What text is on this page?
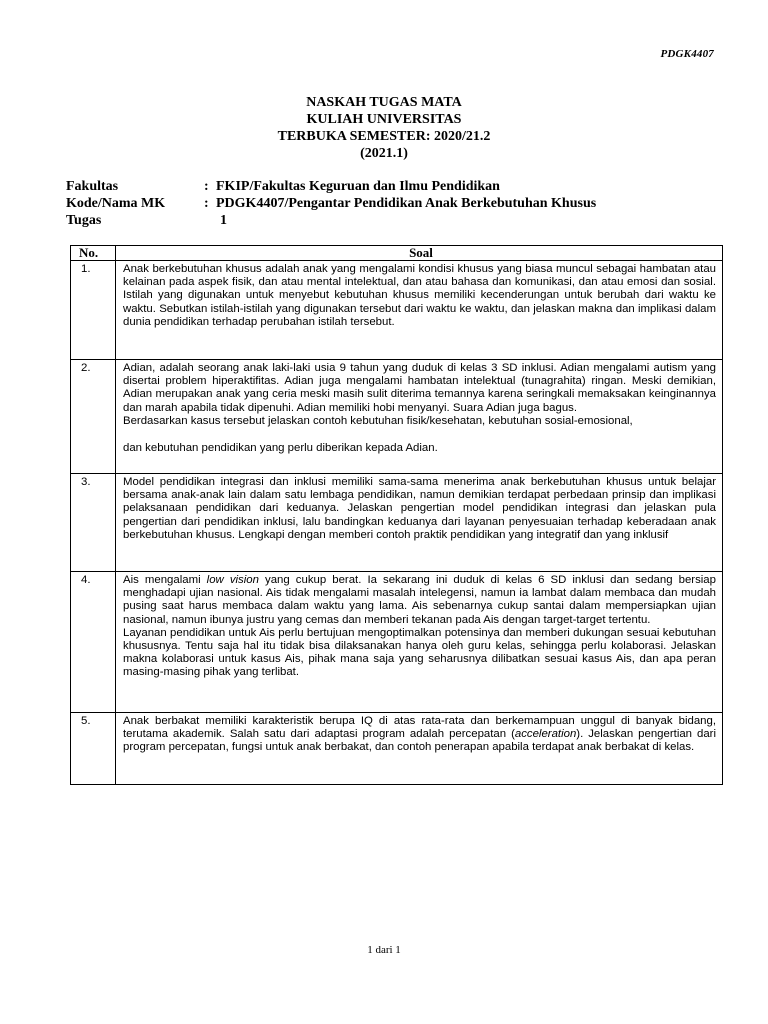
PDGK4407
NASKAH TUGAS MATA
KULIAH UNIVERSITAS
TERBUKA SEMESTER: 2020/21.2
(2021.1)
Fakultas	: FKIP/Fakultas Keguruan dan Ilmu Pendidikan
Kode/Nama MK	: PDGK4407/Pengantar Pendidikan Anak Berkebutuhan Khusus
Tugas	1
No.	Soal
1.	Anak berkebutuhan khusus adalah anak yang mengalami kondisi khusus yang biasa muncul sebagai hambatan atau kelainan pada aspek fisik, dan atau mental intelektual, dan atau bahasa dan komunikasi, dan atau emosi dan sosial. Istilah yang digunakan untuk menyebut kebutuhan khusus memiliki kecenderungan untuk berubah dari waktu ke waktu. Sebutkan istilah-istilah yang digunakan tersebut dari waktu ke waktu, dan jelaskan makna dan implikasi dalam dunia pendidikan terhadap perubahan istilah tersebut.

2.	Adian, adalah seorang anak laki-laki usia 9 tahun yang duduk di kelas 3 SD inklusi. Adian mengalami autism yang disertai problem hiperaktifitas. Adian juga mengalami hambatan intelektual (tunagrahita) ringan. Meski demikian, Adian merupakan anak yang ceria meski masih sulit diterima temannya karena seringkali memaksakan keinginannya dan marah apabila tidak dipenuhi. Adian memiliki hobi menyanyi. Suara Adian juga bagus.

Berdasarkan kasus tersebut jelaskan contoh kebutuhan fisik/kesehatan, kebutuhan sosial-emosional,

dan kebutuhan pendidikan yang perlu diberikan kepada Adian.

3.	Model pendidikan integrasi dan inklusi memiliki sama-sama menerima anak berkebutuhan khusus untuk belajar bersama anak-anak lain dalam satu lembaga pendidikan, namun demikian terdapat perbedaan prinsip dan implikasi pelaksanaan pendidikan dari keduanya. Jelaskan pengertian model pendidikan integrasi dan jelaskan pula pengertian dari pendidikan inklusi, lalu bandingkan keduanya dari layanan penyesuaian terhadap keberadaan anak berkebutuhan khusus. Lengkapi dengan memberi contoh praktik pendidikan yang integratif dan yang inklusif

4.	Ais mengalami low vision yang cukup berat. Ia sekarang ini duduk di kelas 6 SD inklusi dan sedang bersiap menghadapi ujian nasional. Ais tidak mengalami masalah intelegensi, namun ia lambat dalam membaca dan mudah pusing saat harus membaca dalam waktu yang lama. Ais sebenarnya cukup santai dalam mempersiapkan ujian nasional, namun ibunya justru yang cemas dan memberi tekanan pada Ais dengan target-target tertentu.

Layanan pendidikan untuk Ais perlu bertujuan mengoptimalkan potensinya dan memberi dukungan sesuai kebutuhan khususnya. Tentu saja hal itu tidak bisa dilaksanakan hanya oleh guru kelas, sehingga perlu kolaborasi. Jelaskan makna kolaborasi untuk kasus Ais, pihak mana saja yang seharusnya dilibatkan sesuai kasus Ais, dan apa peran masing-masing pihak yang terlibat.

5.	Anak berbakat memiliki karakteristik berupa IQ di atas rata-rata dan berkemampuan unggul di banyak bidang, terutama akademik. Salah satu dari adaptasi program adalah percepatan (acceleration). Jelaskan pengertian dari program percepatan, fungsi untuk anak berbakat, dan contoh penerapan apabila terdapat anak berbakat di kelas.

1 dari 1
